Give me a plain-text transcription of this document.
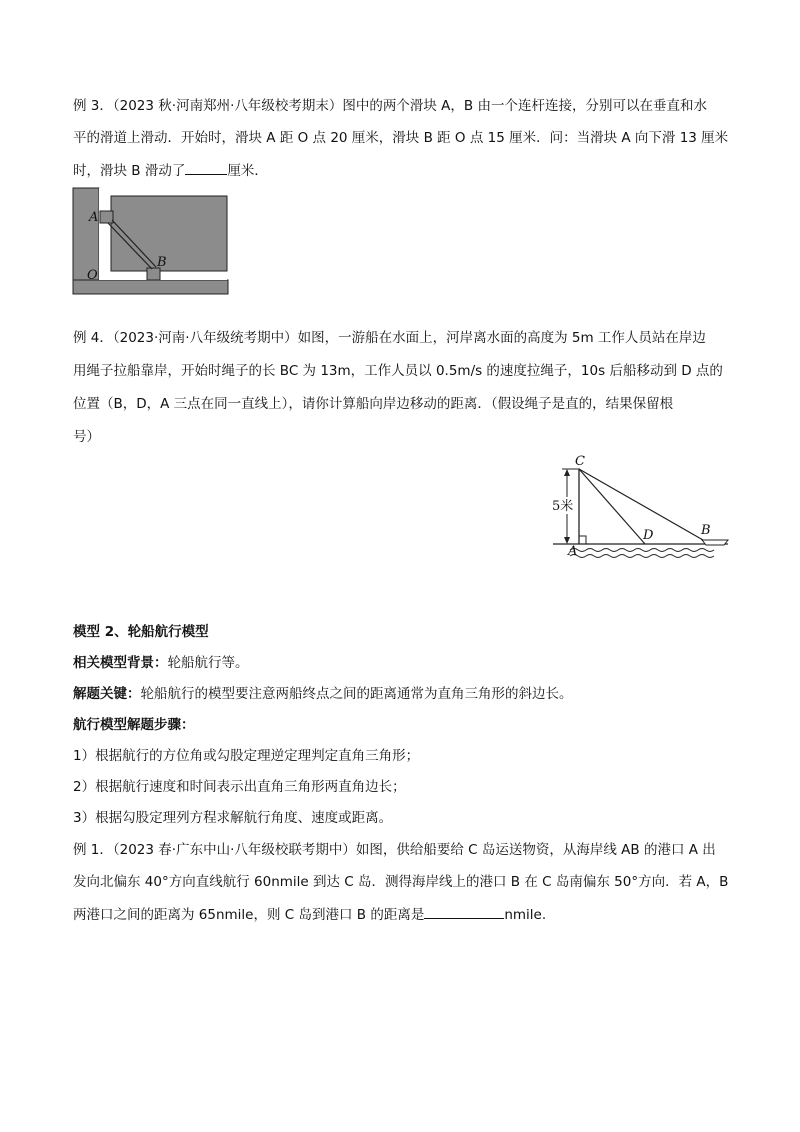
例 3．（2023 秋·河南郑州·八年级校考期末）图中的两个滑块 A，B 由一个连杆连接，分别可以在垂直和水
平的滑道上滑动．开始时，滑块 A 距 O 点 20 厘米，滑块 B 距 O 点 15 厘米．问：当滑块 A 向下滑 13 厘米
时，滑块 B 滑动了	厘米．
A
B
O
例 4．（2023·河南·八年级统考期中）如图，一游船在水面上，河岸离水面的高度为 5m 工作人员站在岸边
用绳子拉船靠岸，开始时绳子的长 BC 为 13m，工作人员以 0.5m/s 的速度拉绳子，10s 后船移动到 D 点的
位置（B，D，A 三点在同一直线上），请你计算船向岸边移动的距离．（假设绳子是直的，结果保留根
号）
5米
C
D	B
A
模型 2、轮船航行模型
相关模型背景：轮船航行等。
解题关键：轮船航行的模型要注意两船终点之间的距离通常为直角三角形的斜边长。
航行模型解题步骤：
1）根据航行的方位角或勾股定理逆定理判定直角三角形；
2）根据航行速度和时间表示出直角三角形两直角边长；
3）根据勾股定理列方程求解航行角度、速度或距离。
例 1．（2023 春·广东中山·八年级校联考期中）如图，供给船要给 C 岛运送物资，从海岸线 AB 的港口 A 出
发向北偏东 40°方向直线航行 60nmile 到达 C 岛．测得海岸线上的港口 B 在 C 岛南偏东 50°方向．若 A，B
两港口之间的距离为 65nmile，则 C 岛到港口 B 的距离是	nmile.
